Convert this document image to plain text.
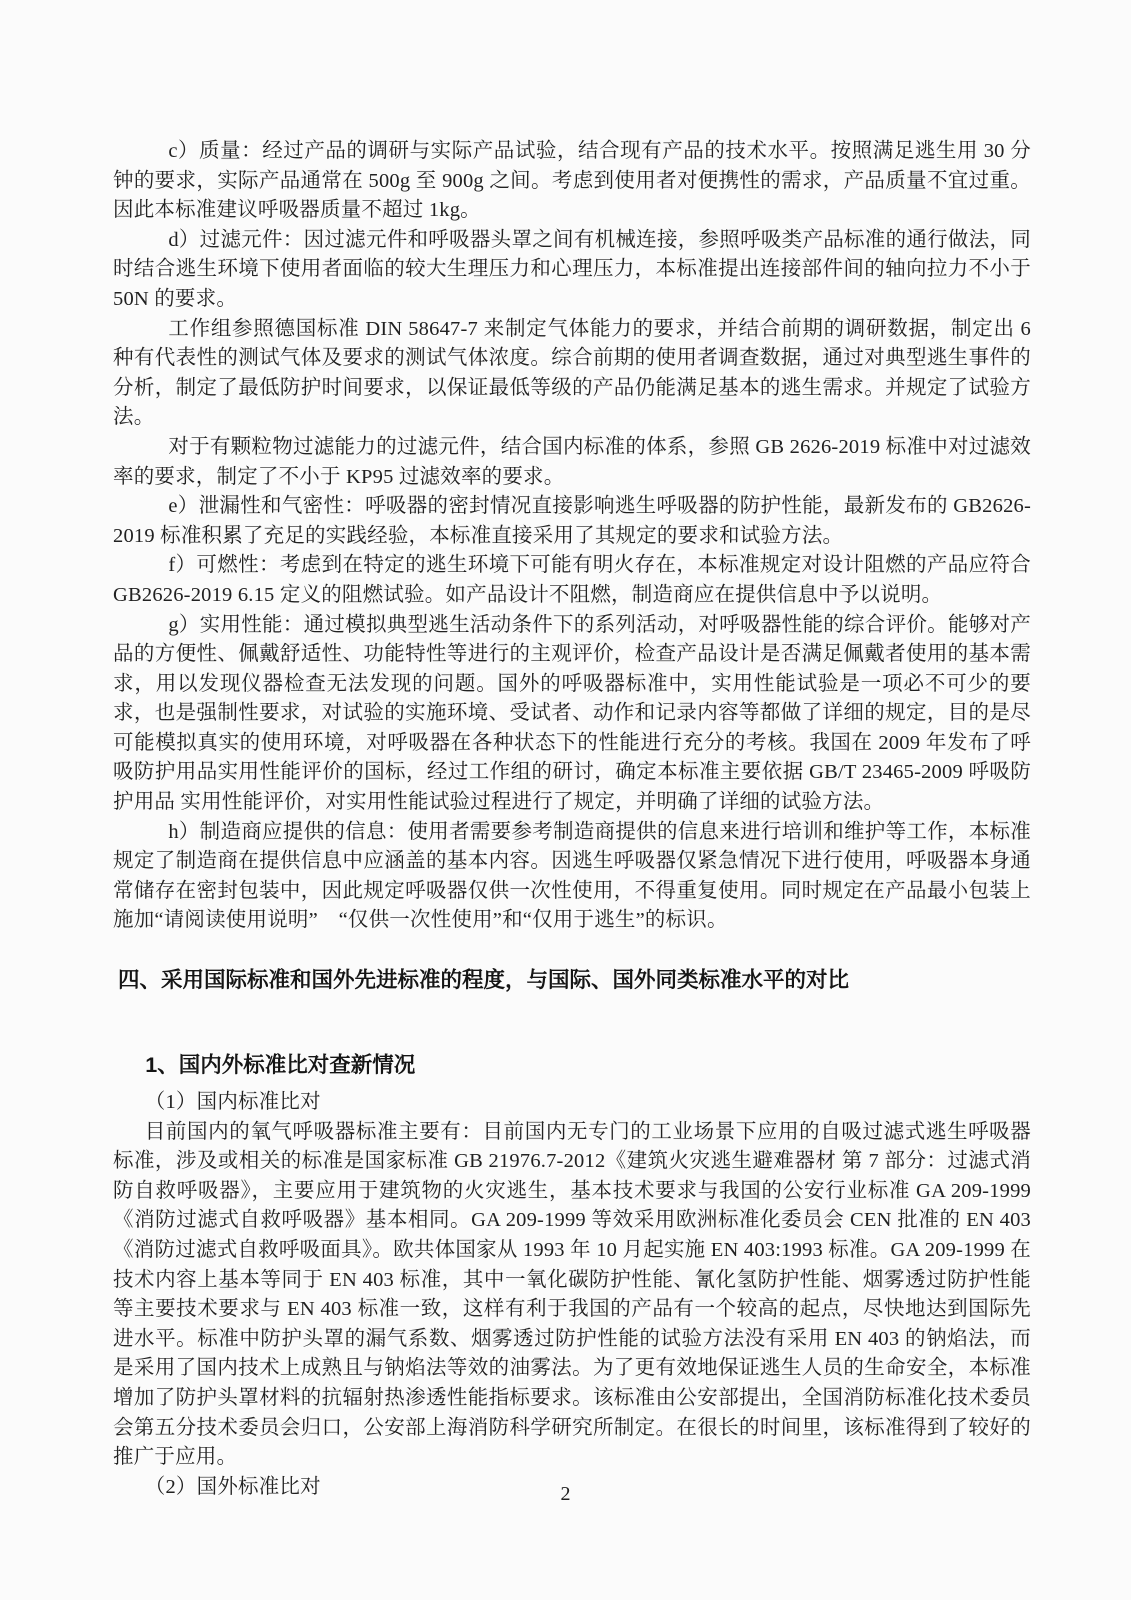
c）质量：经过产品的调研与实际产品试验，结合现有产品的技术水平。按照满足逃生用 30 分钟的要求，实际产品通常在 500g 至 900g 之间。考虑到使用者对便携性的需求，产品质量不宜过重。因此本标准建议呼吸器质量不超过 1kg。

d）过滤元件：因过滤元件和呼吸器头罩之间有机械连接，参照呼吸类产品标准的通行做法，同时结合逃生环境下使用者面临的较大生理压力和心理压力，本标准提出连接部件间的轴向拉力不小于 50N 的要求。

工作组参照德国标准 DIN 58647-7 来制定气体能力的要求，并结合前期的调研数据，制定出 6 种有代表性的测试气体及要求的测试气体浓度。综合前期的使用者调查数据，通过对典型逃生事件的分析，制定了最低防护时间要求，以保证最低等级的产品仍能满足基本的逃生需求。并规定了试验方法。

对于有颗粒物过滤能力的过滤元件，结合国内标准的体系，参照 GB 2626-2019 标准中对过滤效率的要求，制定了不小于 KP95 过滤效率的要求。

e）泄漏性和气密性：呼吸器的密封情况直接影响逃生呼吸器的防护性能，最新发布的 GB2626-2019 标准积累了充足的实践经验，本标准直接采用了其规定的要求和试验方法。

f）可燃性：考虑到在特定的逃生环境下可能有明火存在，本标准规定对设计阻燃的产品应符合 GB2626-2019 6.15 定义的阻燃试验。如产品设计不阻燃，制造商应在提供信息中予以说明。

g）实用性能：通过模拟典型逃生活动条件下的系列活动，对呼吸器性能的综合评价。能够对产品的方便性、佩戴舒适性、功能特性等进行的主观评价，检查产品设计是否满足佩戴者使用的基本需求，用以发现仪器检查无法发现的问题。国外的呼吸器标准中，实用性能试验是一项必不可少的要求，也是强制性要求，对试验的实施环境、受试者、动作和记录内容等都做了详细的规定，目的是尽可能模拟真实的使用环境，对呼吸器在各种状态下的性能进行充分的考核。我国在 2009 年发布了呼吸防护用品实用性能评价的国标，经过工作组的研讨，确定本标准主要依据 GB/T 23465-2009 呼吸防护用品 实用性能评价，对实用性能试验过程进行了规定，并明确了详细的试验方法。

h）制造商应提供的信息：使用者需要参考制造商提供的信息来进行培训和维护等工作，本标准规定了制造商在提供信息中应涵盖的基本内容。因逃生呼吸器仅紧急情况下进行使用，呼吸器本身通常储存在密封包装中，因此规定呼吸器仅供一次性使用，不得重复使用。同时规定在产品最小包装上施加“请阅读使用说明”　“仅供一次性使用”和“仅用于逃生”的标识。

四、采用国际标准和国外先进标准的程度，与国际、国外同类标准水平的对比
1、国内外标准比对查新情况

（1）国内标准比对

目前国内的氧气呼吸器标准主要有：目前国内无专门的工业场景下应用的自吸过滤式逃生呼吸器标准，涉及或相关的标准是国家标准 GB 21976.7-2012《建筑火灾逃生避难器材 第 7 部分：过滤式消防自救呼吸器》，主要应用于建筑物的火灾逃生，基本技术要求与我国的公安行业标准 GA 209-1999《消防过滤式自救呼吸器》基本相同。GA 209-1999 等效采用欧洲标准化委员会 CEN 批准的 EN 403《消防过滤式自救呼吸面具》。欧共体国家从 1993 年 10 月起实施 EN 403:1993 标准。GA 209-1999 在技术内容上基本等同于 EN 403 标准，其中一氧化碳防护性能、氰化氢防护性能、烟雾透过防护性能等主要技术要求与 EN 403 标准一致，这样有利于我国的产品有一个较高的起点，尽快地达到国际先进水平。标准中防护头罩的漏气系数、烟雾透过防护性能的试验方法没有采用 EN 403 的钠焰法，而是采用了国内技术上成熟且与钠焰法等效的油雾法。为了更有效地保证逃生人员的生命安全，本标准增加了防护头罩材料的抗辐射热渗透性能指标要求。该标准由公安部提出，全国消防标准化技术委员会第五分技术委员会归口，公安部上海消防科学研究所制定。在很长的时间里，该标准得到了较好的推广于应用。

（2）国外标准比对	2
